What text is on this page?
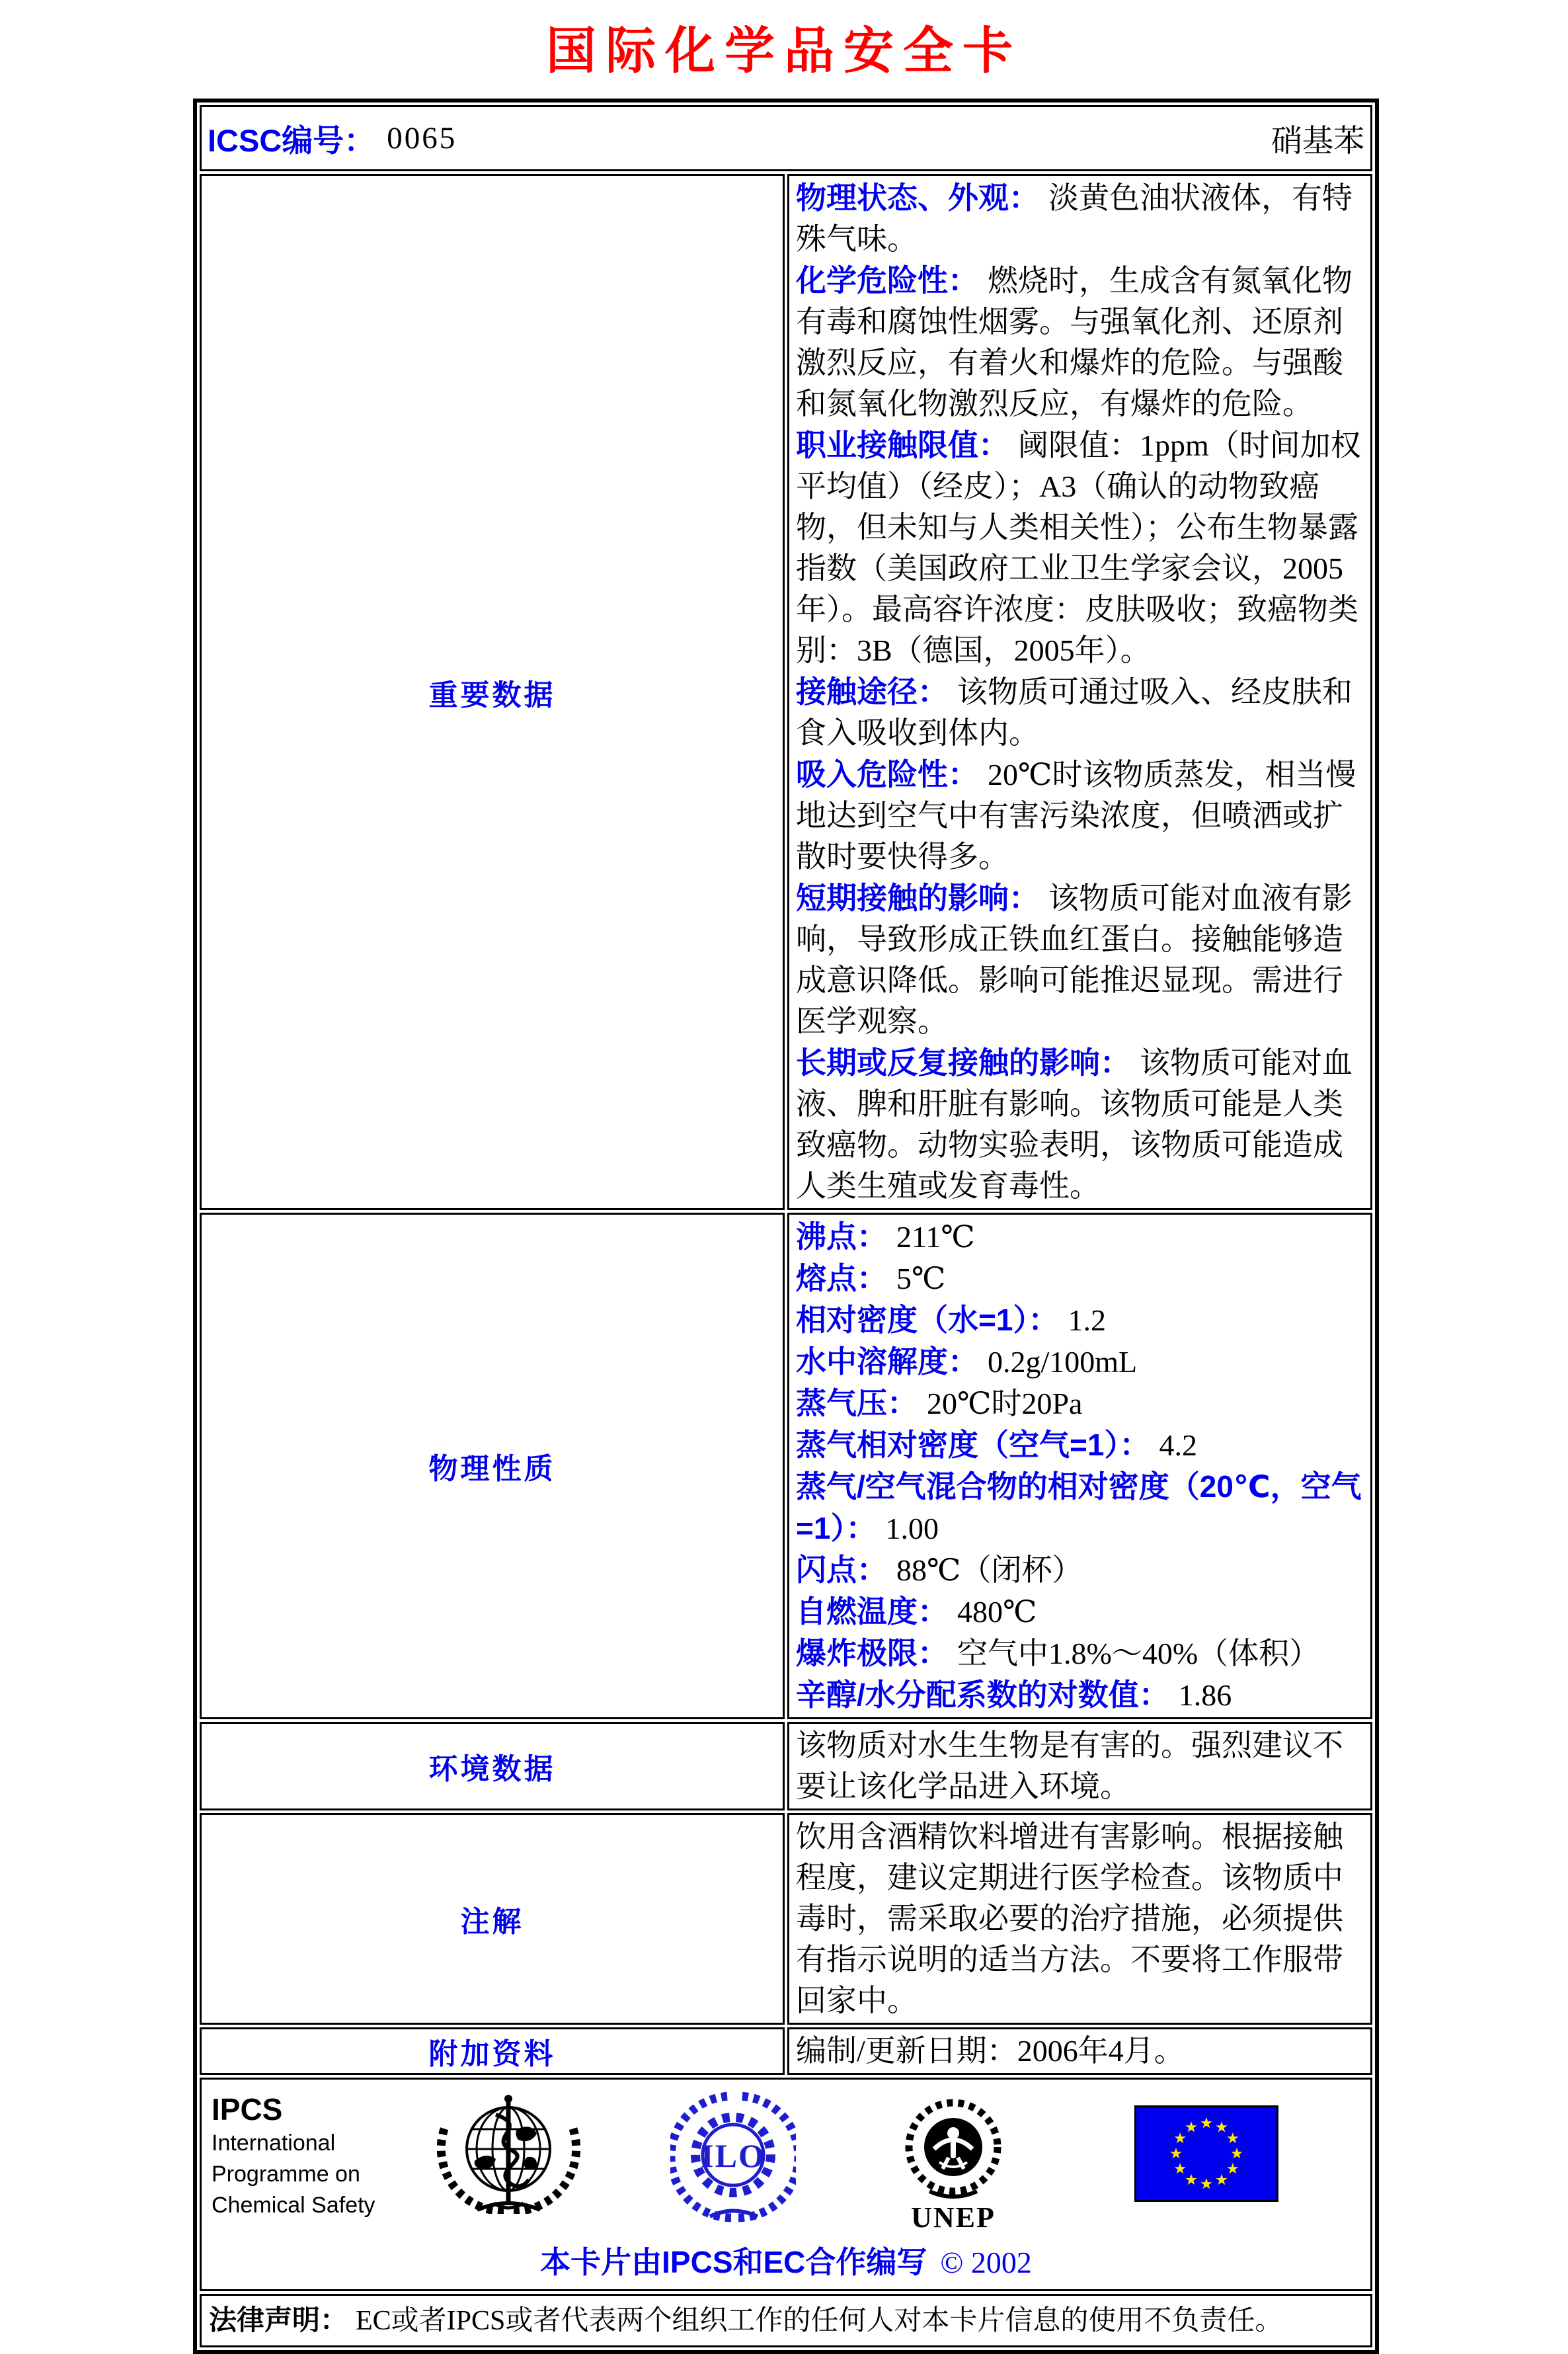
国际化学品安全卡
ICSC编号： 0065 硝基苯	

重要数据	

物理状态、外观： 淡黄色油状液体，有特殊气味。

化学危险性： 燃烧时，生成含有氮氧化物有毒和腐蚀性烟雾。与强氧化剂、还原剂激烈反应，有着火和爆炸的危险。与强酸和氮氧化物激烈反应，有爆炸的危险。

职业接触限值： 阈限值：1ppm（时间加权平均值）（经皮）；A3（确认的动物致癌物，但未知与人类相关性）；公布生物暴露指数（美国政府工业卫生学家会议，2005年）。最高容许浓度：皮肤吸收；致癌物类别：3B（德国，2005年）。

接触途径： 该物质可通过吸入、经皮肤和食入吸收到体内。

吸入危险性： 20℃时该物质蒸发，相当慢地达到空气中有害污染浓度，但喷洒或扩散时要快得多。

短期接触的影响： 该物质可能对血液有影响，导致形成正铁血红蛋白。接触能够造成意识降低。影响可能推迟显现。需进行医学观察。

长期或反复接触的影响： 该物质可能对血液、脾和肝脏有影响。该物质可能是人类致癌物。动物实验表明，该物质可能造成人类生殖或发育毒性。

物理性质	

沸点： 211℃

熔点： 5℃

相对密度（水=1）： 1.2

水中溶解度： 0.2g/100mL

蒸气压： 20℃时20Pa

蒸气相对密度（空气=1）： 4.2

蒸气/空气混合物的相对密度（20℃，空气=1）： 1.00

闪点： 88℃（闭杯）

自燃温度： 480℃

爆炸极限： 空气中1.8%～40%（体积）

辛醇/水分配系数的对数值： 1.86

环境数据	该物质对水生生物是有害的。强烈建议不要让该化学品进入环境。

注解	饮用含酒精饮料增进有害影响。根据接触程度，建议定期进行医学检查。该物质中毒时，需采取必要的治疗措施，必须提供有指示说明的适当方法。不要将工作服带回家中。

附加资料	编制/更新日期：2006年4月。

IPCS
International
Programme on
Chemical Safety
ILO
UNEP
本卡片由IPCS和EC合作编写 © 2002

法律声明： EC或者IPCS或者代表两个组织工作的任何人对本卡片信息的使用不负责任。	
